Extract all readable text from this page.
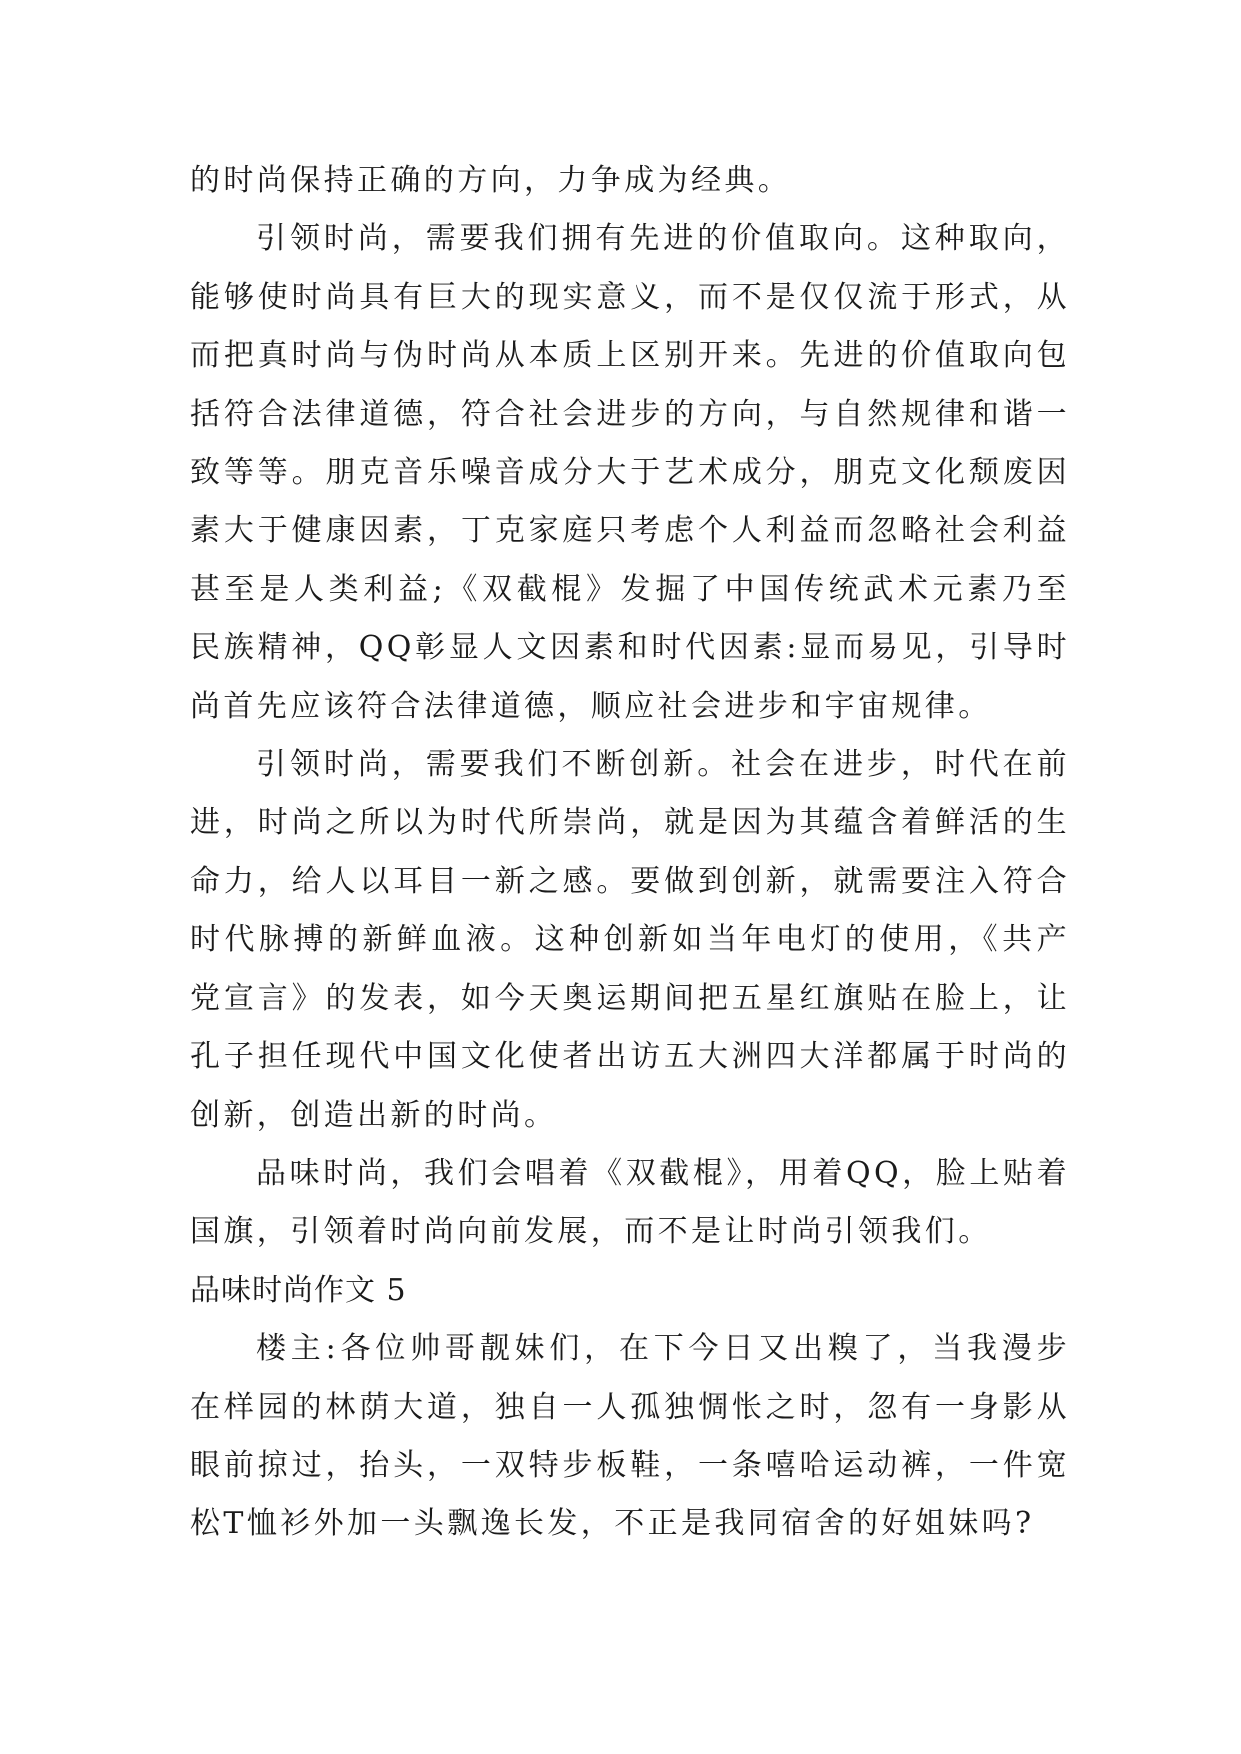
的时尚保持正确的方向，力争成为经典。

引领时尚，需要我们拥有先进的价值取向。这种取向，能够使时尚具有巨大的现实意义，而不是仅仅流于形式，从而把真时尚与伪时尚从本质上区别开来。先进的价值取向包括符合法律道德，符合社会进步的方向，与自然规律和谐一致等等。朋克音乐噪音成分大于艺术成分，朋克文化颓废因素大于健康因素，丁克家庭只考虑个人利益而忽略社会利益甚至是人类利益;《双截棍》发掘了中国传统武术元素乃至民族精神，QQ彰显人文因素和时代因素:显而易见，引导时尚首先应该符合法律道德，顺应社会进步和宇宙规律。

引领时尚，需要我们不断创新。社会在进步，时代在前进，时尚之所以为时代所崇尚，就是因为其蕴含着鲜活的生命力，给人以耳目一新之感。要做到创新，就需要注入符合时代脉搏的新鲜血液。这种创新如当年电灯的使用，《共产党宣言》的发表，如今天奥运期间把五星红旗贴在脸上，让孔子担任现代中国文化使者出访五大洲四大洋都属于时尚的创新，创造出新的时尚。

品味时尚，我们会唱着《双截棍》，用着QQ，脸上贴着国旗，引领着时尚向前发展，而不是让时尚引领我们。

品味时尚作文 5

楼主:各位帅哥靓妹们，在下今日又出糗了，当我漫步在样园的林荫大道，独自一人孤独惆怅之时，忽有一身影从眼前掠过，抬头，一双特步板鞋，一条嘻哈运动裤，一件宽松T恤衫外加一头飘逸长发，不正是我同宿舍的好姐妹吗?
